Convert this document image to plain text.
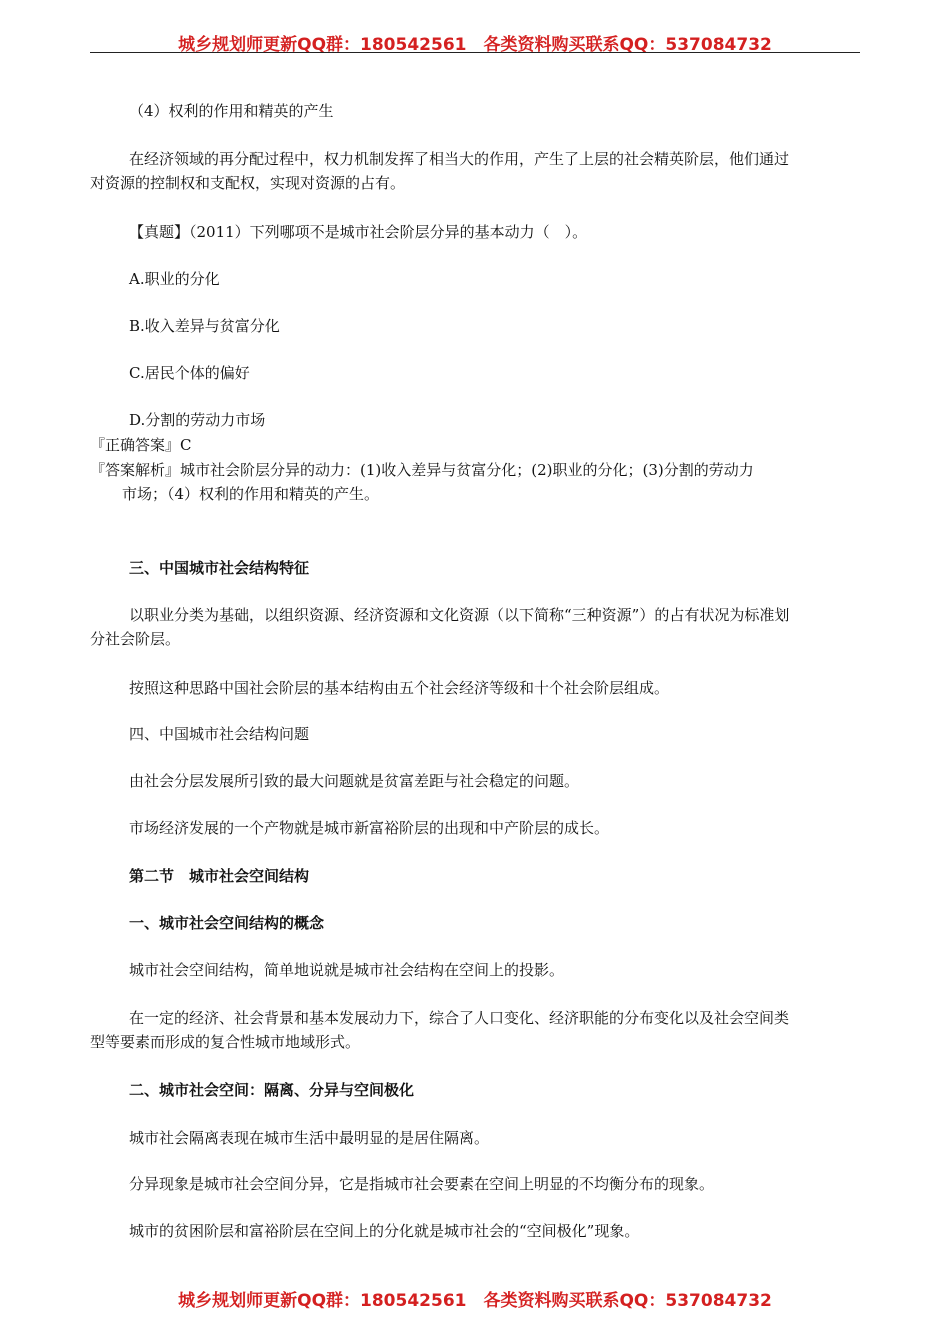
城乡规划师更新QQ群：180542561　各类资料购买联系QQ：537084732

（4）权利的作用和精英的产生

在经济领域的再分配过程中，权力机制发挥了相当大的作用，产生了上层的社会精英阶层，他们通过
对资源的控制权和支配权，实现对资源的占有。

【真题】（2011）下列哪项不是城市社会阶层分异的基本动力（　）。

A.职业的分化

B.收入差异与贫富分化

C.居民个体的偏好

D.分割的劳动力市场

『正确答案』C

『答案解析』城市社会阶层分异的动力：(1)收入差异与贫富分化；(2)职业的分化；(3)分割的劳动力
市场；（4）权利的作用和精英的产生。

三、中国城市社会结构特征

以职业分类为基础，以组织资源、经济资源和文化资源（以下简称“三种资源”）的占有状况为标准划
分社会阶层。

按照这种思路中国社会阶层的基本结构由五个社会经济等级和十个社会阶层组成。

四、中国城市社会结构问题

由社会分层发展所引致的最大问题就是贫富差距与社会稳定的问题。

市场经济发展的一个产物就是城市新富裕阶层的出现和中产阶层的成长。

第二节　城市社会空间结构

一、城市社会空间结构的概念

城市社会空间结构，简单地说就是城市社会结构在空间上的投影。

在一定的经济、社会背景和基本发展动力下，综合了人口变化、经济职能的分布变化以及社会空间类
型等要素而形成的复合性城市地域形式。

二、城市社会空间：隔离、分异与空间极化

城市社会隔离表现在城市生活中最明显的是居住隔离。

分异现象是城市社会空间分异，它是指城市社会要素在空间上明显的不均衡分布的现象。

城市的贫困阶层和富裕阶层在空间上的分化就是城市社会的“空间极化”现象。

城乡规划师更新QQ群：180542561　各类资料购买联系QQ：537084732
